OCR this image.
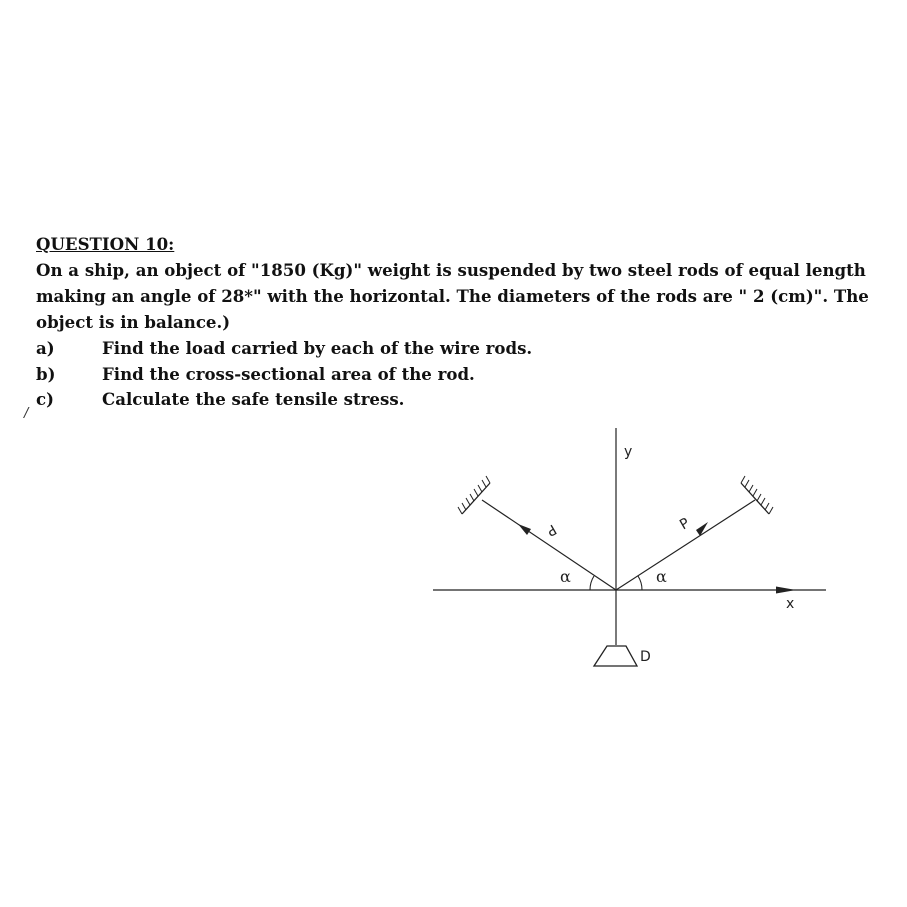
QUESTION 10:

On a ship, an object of "1850 (Kg)" weight is suspended by two steel rods of equal length making an angle of 28*" with the horizontal. The diameters of the rods are " 2 (cm)". The object is in balance.)

a)	Find the load carried by each of the wire rods.
b)	Find the cross-sectional area of the rod.
c)	Calculate the safe tensile stress.
/
y
x
P	P
α	α
D
